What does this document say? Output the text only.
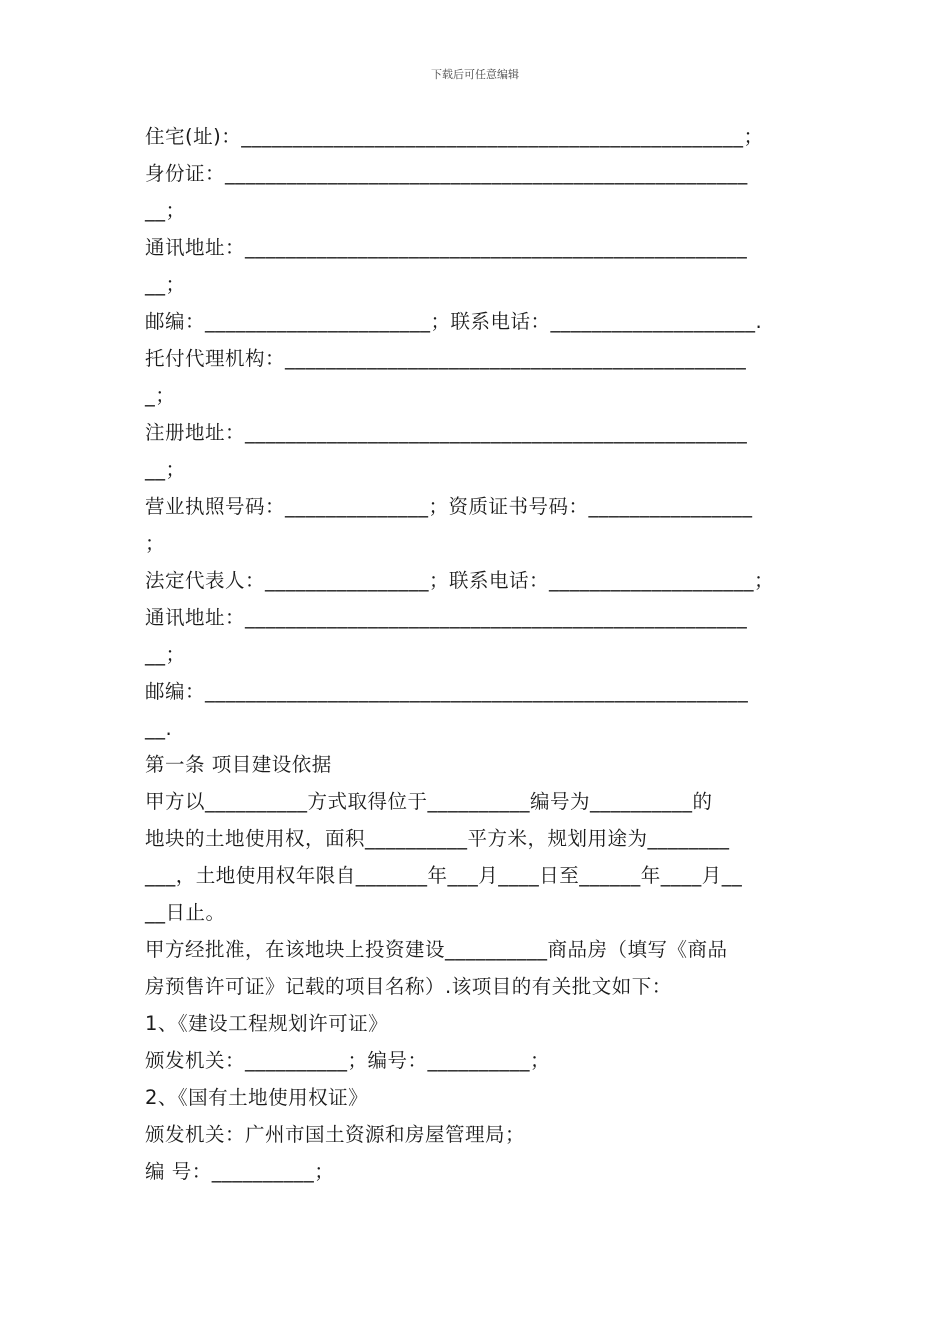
下载后可任意编辑
住宅(址)：_________________________________________________；
身份证：___________________________________________________
__；
通讯地址：_________________________________________________
__；
邮编：______________________；联系电话：____________________.
托付代理机构：_____________________________________________
_；
注册地址：_________________________________________________
__；
营业执照号码：______________；资质证书号码：________________
；
法定代表人：________________；联系电话：____________________；
通讯地址：_________________________________________________
__；
邮编：_____________________________________________________
__.
第一条 项目建设依据
甲方以__________方式取得位于__________编号为__________的
地块的土地使用权，面积__________平方米，规划用途为________
___，土地使用权年限自_______年___月____日至______年____月__
__日止。
甲方经批准，在该地块上投资建设__________商品房（填写《商品
房预售许可证》记载的项目名称）.该项目的有关批文如下：
1、《建设工程规划许可证》
颁发机关：__________；编号：__________；
2、《国有土地使用权证》
颁发机关：广州市国土资源和房屋管理局；
编 号：__________；
